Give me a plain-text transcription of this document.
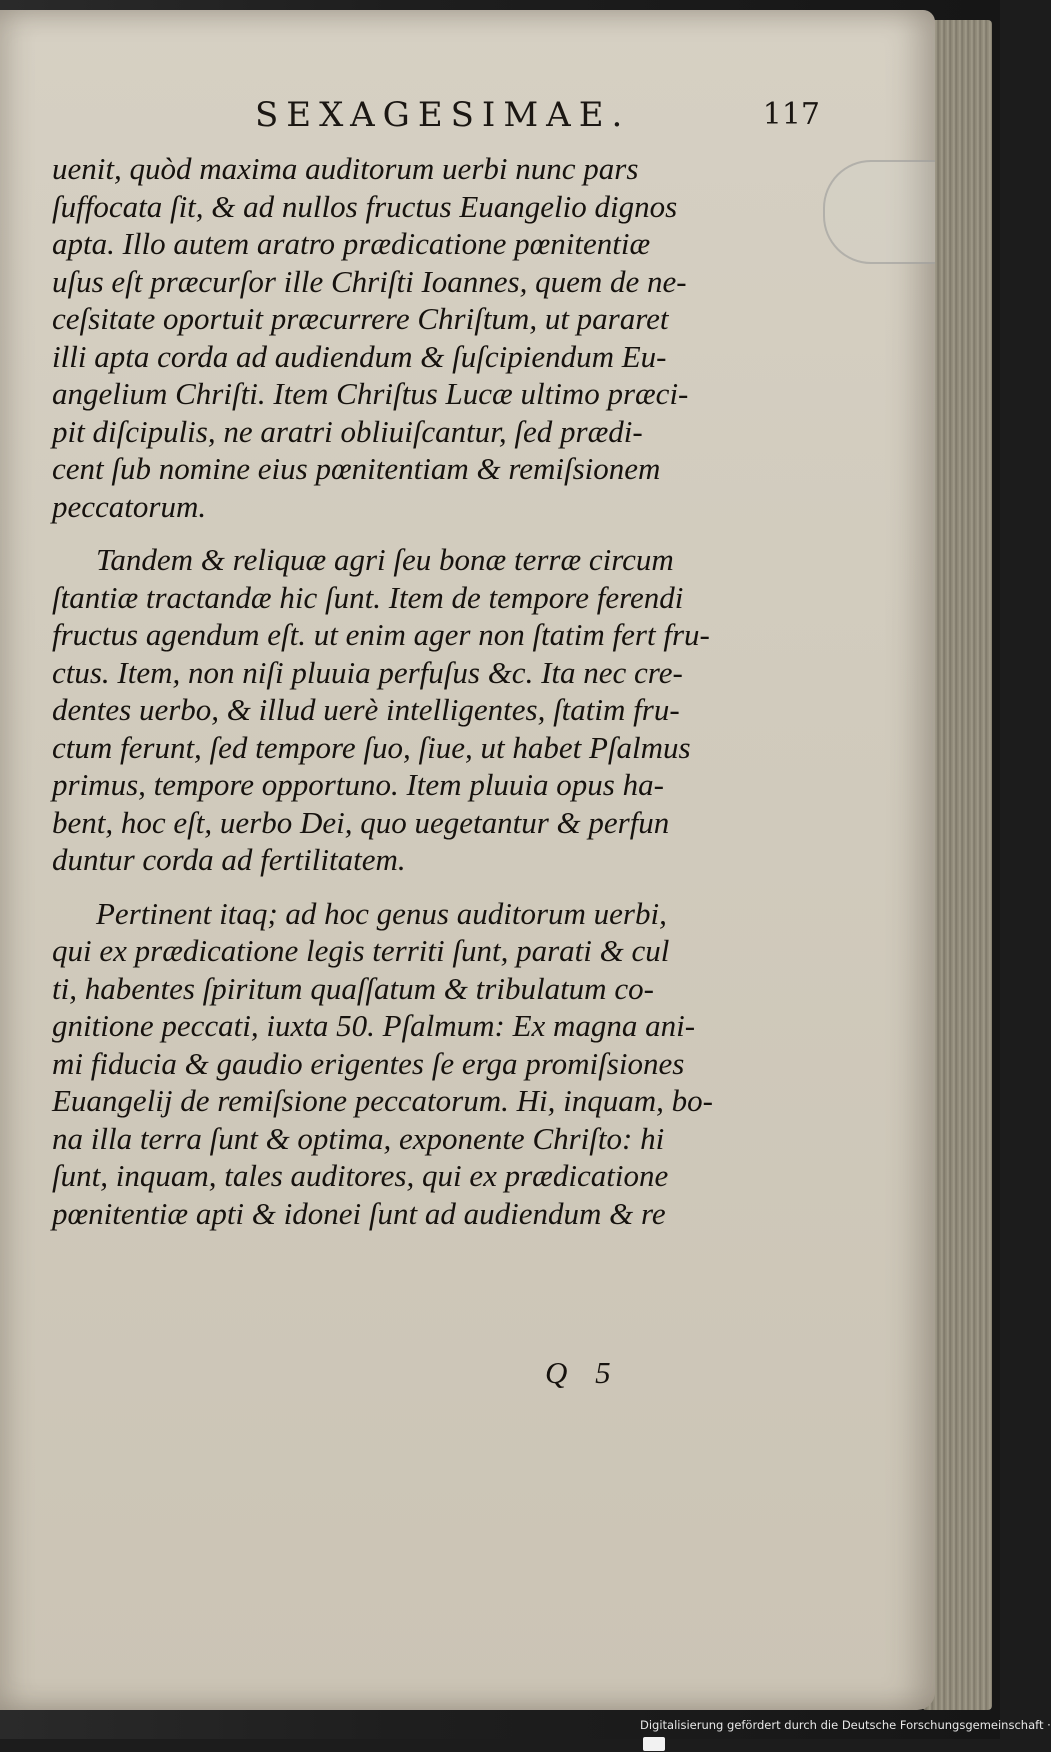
SEXAGESIMAE.	117
uenit, quòd maxima auditorum uerbi nunc pars
ſuffocata ſit, & ad nullos fructus Euangelio dignos
apta. Illo autem aratro prædicatione pœnitentiæ
uſus eſt præcurſor ille Chriſti Ioannes, quem de ne-
ceſsitate oportuit præcurrere Chriſtum, ut pararet
illi apta corda ad audiendum & ſuſcipiendum Eu-
angelium Chriſti. Item Chriſtus Lucæ ultimo præci-
pit diſcipulis, ne aratri obliuiſcantur, ſed prædi-
cent ſub nomine eius pœnitentiam & remiſsionem
peccatorum.
Tandem & reliquæ agri ſeu bonæ terræ circum
ſtantiæ tractandæ hic ſunt. Item de tempore ferendi
fructus agendum eſt. ut enim ager non ſtatim fert fru-
ctus. Item, non niſi pluuia perfuſus &c. Ita nec cre-
dentes uerbo, & illud uerè intelligentes, ſtatim fru-
ctum ferunt, ſed tempore ſuo, ſiue, ut habet Pſalmus
primus, tempore opportuno. Item pluuia opus ha-
bent, hoc eſt, uerbo Dei, quo uegetantur & perfun
duntur corda ad fertilitatem.
Pertinent itaq; ad hoc genus auditorum uerbi,
qui ex prædicatione legis territi ſunt, parati & cul
ti, habentes ſpiritum quaſſatum & tribulatum co-
gnitione peccati, iuxta 50. Pſalmum: Ex magna ani-
mi fiducia & gaudio erigentes ſe erga promiſsiones
Euangelij de remiſsione peccatorum. Hi, inquam, bo-
na illa terra ſunt & optima, exponente Chriſto: hi
ſunt, inquam, tales auditores, qui ex prædicatione
pœnitentiæ apti & idonei ſunt ad audiendum & re
Q 5
Digitalisierung gefördert durch die Deutsche Forschungsgemeinschaft ·
